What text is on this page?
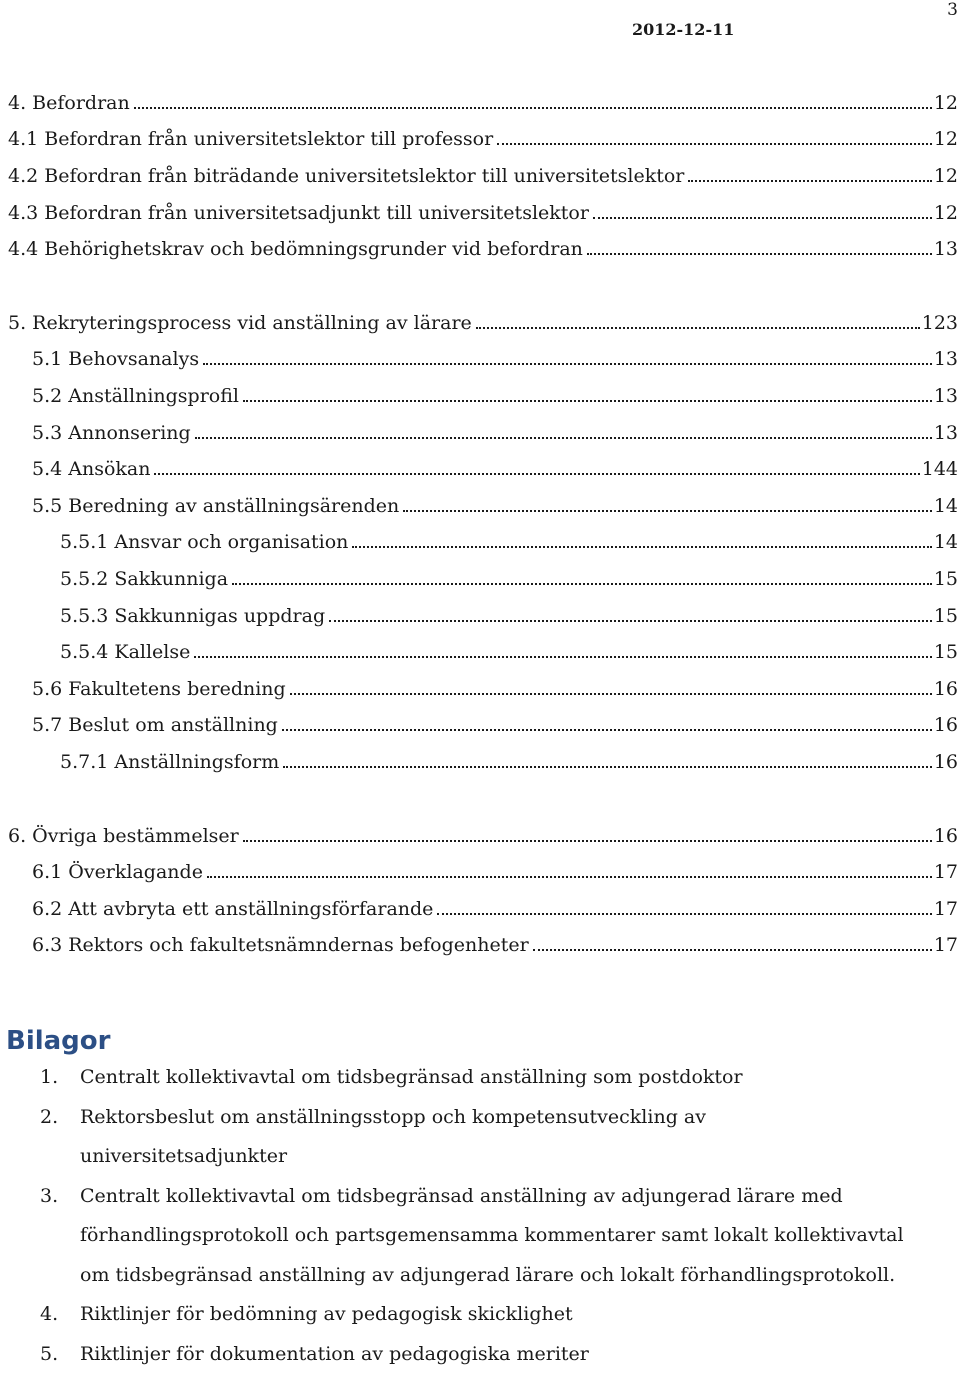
3
2012-12-11
4. Befordran	12
4.1 Befordran från universitetslektor till professor	12
4.2 Befordran från biträdande universitetslektor till universitetslektor	12
4.3 Befordran från universitetsadjunkt till universitetslektor	12
4.4 Behörighetskrav och bedömningsgrunder vid befordran	13
5. Rekryteringsprocess vid anställning av lärare	123
5.1 Behovsanalys	13
5.2 Anställningsprofil	13
5.3 Annonsering	13
5.4 Ansökan	144
5.5 Beredning av anställningsärenden	14
5.5.1 Ansvar och organisation	14
5.5.2 Sakkunniga	15
5.5.3 Sakkunnigas uppdrag	15
5.5.4 Kallelse	15
5.6 Fakultetens beredning	16
5.7 Beslut om anställning	16
5.7.1 Anställningsform	16
6. Övriga bestämmelser	16
6.1 Överklagande	17
6.2 Att avbryta ett anställningsförfarande	17
6.3 Rektors och fakultetsnämndernas befogenheter	17
Bilagor
1.	Centralt kollektivavtal om tidsbegränsad anställning som postdoktor
2.	Rektorsbeslut om anställningsstopp och kompetensutveckling av
universitetsadjunkter
3.	Centralt kollektivavtal om tidsbegränsad anställning av adjungerad lärare med
förhandlingsprotokoll och partsgemensamma kommentarer samt lokalt kollektivavtal
om tidsbegränsad anställning av adjungerad lärare och lokalt förhandlingsprotokoll.
4.	Riktlinjer för bedömning av pedagogisk skicklighet
5.	Riktlinjer för dokumentation av pedagogiska meriter
